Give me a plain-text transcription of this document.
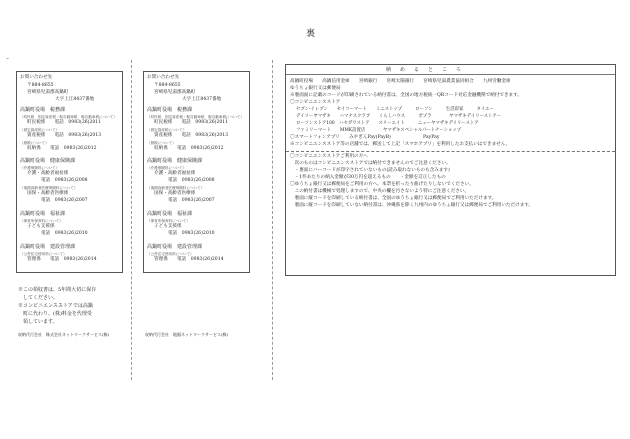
裏
–
お問い合わせ先
〒884-8655
宮崎県児湯郡高鍋町
大字上江8437番地
高鍋町役場　税務課
（町民税　固定資産税・軽自動車税　軽自動車税について）
町民税係　　電話　0983(26)2011
（固定資産税について）
資産税係　　電話　0983(26)2013
（納税について）
収納係　　電話　0983(26)2012
高鍋町役場　健康保険課
（介護保険料について）
介護・高齢者福祉係
電話　0983(26)2008
（後期高齢者医療保険料について）
国保・高齢者医療係
電話　0983(26)2007
高鍋町役場　福祉課
（保育所保育料について）
子ども支援係
電話　0983(26)2010
高鍋町役場　建設管理課
（公営住宅使用料について）
管理係　　電話　0983(26)2014
お問い合わせ先
〒884-8655
宮崎県児湯郡高鍋町
大字上江8437番地
高鍋町役場　税務課
（町民税　固定資産税・軽自動車税　軽自動車税について）
町民税係　　電話　0983(26)2011
（固定資産税について）
資産税係　　電話　0983(26)2013
（納税について）
収納係　　電話　0983(26)2012
高鍋町役場　健康保険課
（介護保険料について）
介護・高齢者福祉係
電話　0983(26)2008
（後期高齢者医療保険料について）
国保・高齢者医療係
電話　0983(26)2007
高鍋町役場　福祉課
（保育所保育料について）
子ども支援係
電話　0983(26)2010
高鍋町役場　建設管理課
（公営住宅使用料について）
管理係　　電話　0983(26)2014
※この領収書は、5年間大切に保存
　してください。
※コンビニエンスストアでは高鍋
　町に代わり、(株)料金を代理受
　領しています。
収納代行会社　株式会社ネットワークサービス(株)	収納代行会社　地銀ネットワークサービス(株)
納　め　る　と　こ　ろ
高鍋町役場　　高鍋信用金庫　　宮崎銀行　　宮崎太陽銀行　　宮崎県児湯農業協同組合　　九州労働金庫
ゆうちょ銀行又は郵便局
※裏面面に記載のコードが印刷されている納付書は、全国の地方税統一QRコード対応金融機関で納付できます。
〇コンビニエンスストア
セブン-イレブン　　セイコーマート　　ミニストップ　　　ローソン　　　生活彩家　　　タイエー
デイリーヤマザキ　　ハマナスクラブ　　くらしハウス　　　ポプラ　　　　ヤマザキデイリーストアー
ローソンストア100　ハセガワストア　　スリーエイト　　　ニューヤマザキデイリーストア
ファミリーマート　　MMK設置店　　　　ヤマザキスペシャルパートナーショップ
〇スマートフォンアプリ　　みやぎんPay(PayB)　　　　　　　PayPay
※コンビニエンスストア等の店舗では、郵送して上記「スマホアプリ」を利用したお支払いはできません。
〇コンビニエンスストアご利用の方へ
　次のものはコンビニエンスストアでは納付できませんのでご注意ください。
　・裏面にバーコードが印字されていないもの(読み取れないものも含みます)
　・1件あたりの納入金額が30万円を超えるもの　　・金額を訂正したもの
〇ゆうちょ銀行又は郵便局をご利用の方へ。本票を折ったり曲げたりしないでください。
　この納付書は機械で処理しますので、中央の欄を汚さないよう特にご注意ください。
　裏面に縦コードを印刷している納付書は、全国のゆうちょ銀行又は郵便局でご利用いただけます。
　裏面に縦コードを印刷していない納付書は、沖縄県を除く九州内のゆうちょ銀行又は郵便局でご利用いただけます。
